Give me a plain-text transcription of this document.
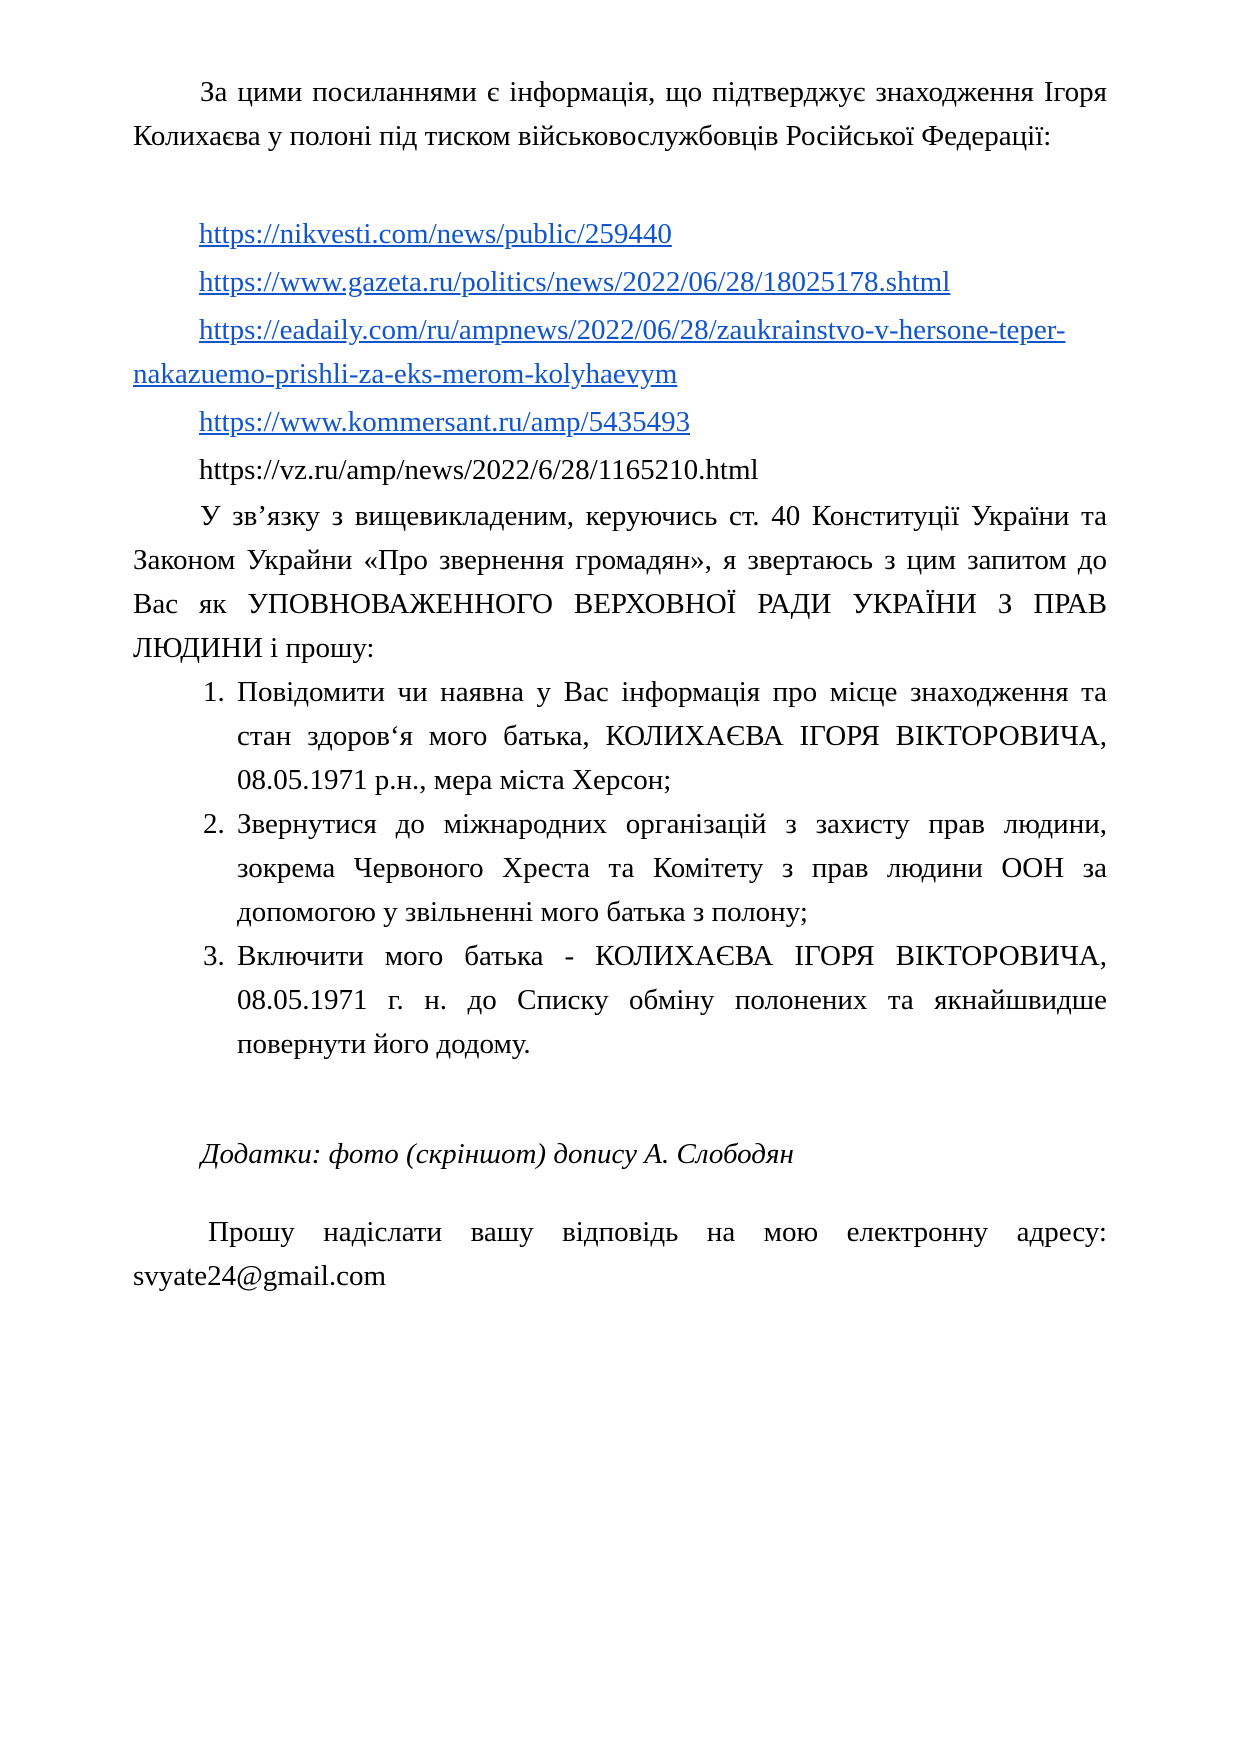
За цими посиланнями є інформація, що підтверджує знаходження Ігоря Колихаєва у полоні під тиском військовослужбовців Російської Федерації:

https://nikvesti.com/news/public/259440

https://www.gazeta.ru/politics/news/2022/06/28/18025178.shtml

https://eadaily.com/ru/ampnews/2022/06/28/zaukrainstvo-v-hersone-teper-nakazuemo-prishli-za-eks-merom-kolyhaevym

https://www.kommersant.ru/amp/5435493

https://vz.ru/amp/news/2022/6/28/1165210.html

У зв’язку з вищевикладеним, керуючись ст. 40 Конституції України та Законом Украйни «Про звернення громадян», я звертаюсь з цим запитом до Вас як УПОВНОВАЖЕННОГО ВЕРХОВНОЇ РАДИ УКРАЇНИ З ПРАВ ЛЮДИНИ і прошу:

1. Повідомити чи наявна у Вас інформація про місце знаходження та стан здоров‘я мого батька, КОЛИХАЄВА ІГОРЯ ВІКТОРОВИЧА, 08.05.1971 р.н., мера міста Херсон;
2. Звернутися до міжнародних організацій з захисту прав людини, зокрема Червоного Хреста та Комітету з прав людини ООН за допомогою у звільненні мого батька з полону;
3. Включити мого батька - КОЛИХАЄВА ІГОРЯ ВІКТОРОВИЧА, 08.05.1971 г. н. до Списку обміну полонених та якнайшвидше повернути його додому.

Додатки: фото (скріншот) допису А. Слободян

Прошу надіслати вашу відповідь на мою електронну адресу:

svyate24@gmail.com
